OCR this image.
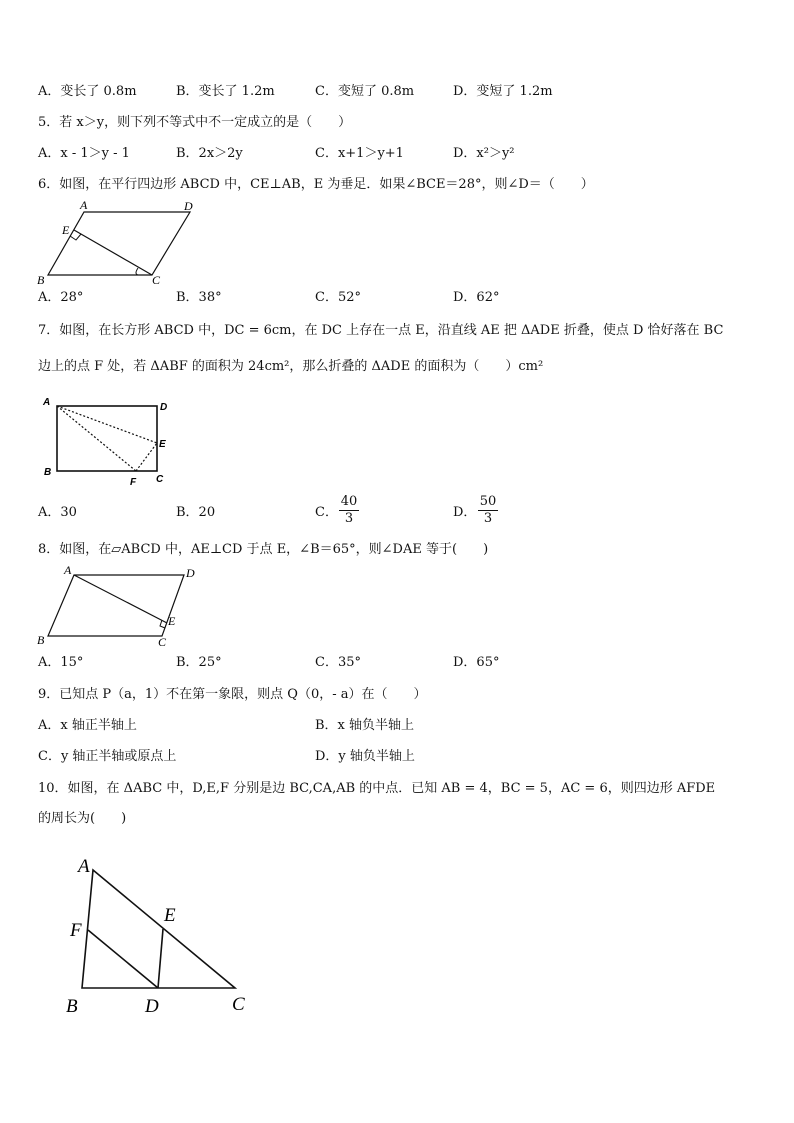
A．变长了 0.8m	B．变长了 1.2m	C．变短了 0.8m	D．变短了 1.2m
5．若 x＞y，则下列不等式中不一定成立的是（　　）
A．x - 1＞y - 1	B．2x＞2y	C．x+1＞y+1	D．x²＞y²
6．如图，在平行四边形 ABCD 中，CE⊥AB，E 为垂足．如果∠BCE＝28°，则∠D＝（　　）
A	D
E
B	C
A．28°	B．38°	C．52°	D．62°
7．如图，在长方形 ABCD 中，DC = 6cm，在 DC 上存在一点 E，沿直线 AE 把 ΔADE 折叠，使点 D 恰好落在 BC
边上的点 F 处，若 ΔABF 的面积为 24cm²，那么折叠的 ΔADE 的面积为（　　）cm²
A	D
E
B
F C
A．30	B．20	C． $\frac{40}{3}$	D． $\frac{50}{3}$
8．如图，在▱ABCD 中，AE⊥CD 于点 E，∠B＝65°，则∠DAE 等于(　　)
A	D
E
B	C
A．15°	B．25°	C．35°	D．65°
9．已知点 P（a，1）不在第一象限，则点 Q（0，- a）在（　　）
A．x 轴正半轴上	B．x 轴负半轴上
C．y 轴正半轴或原点上	D．y 轴负半轴上
10．如图，在 ΔABC 中，D,E,F 分别是边 BC,CA,AB 的中点．已知 AB = 4，BC = 5，AC = 6，则四边形 AFDE
的周长为(　　)
A
E
F
B	D	C
